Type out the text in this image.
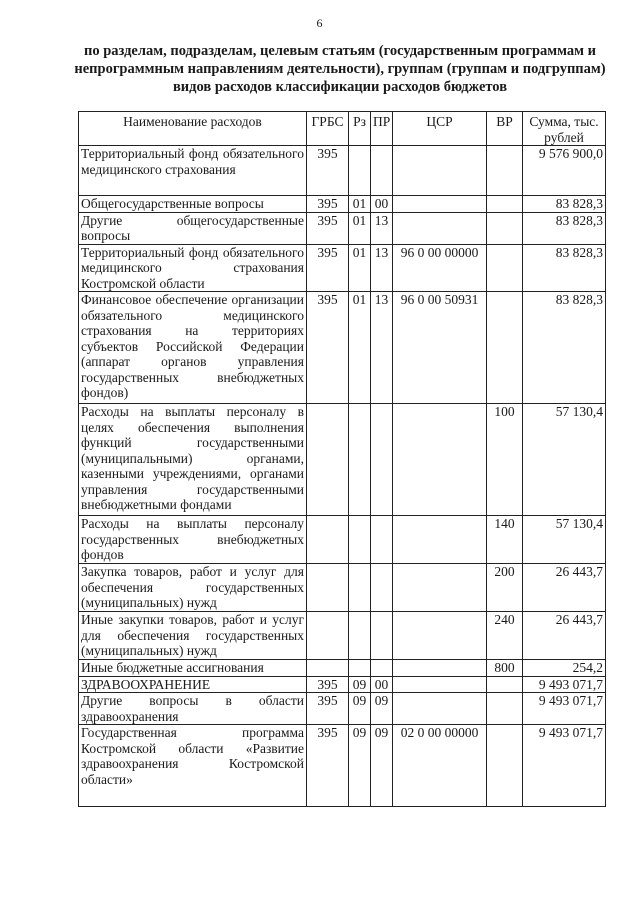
6
по разделам, подразделам, целевым статьям (государственным программам и непрограммным направлениям деятельности), группам (группам и подгруппам) видов расходов классификации расходов бюджетов
Наименование расходов	ГРБС	Рз	ПР	ЦСР	ВР	Сумма, тыс. рублей
Территориальный фонд обязательного медицинского страхования	395					9 576 900,0
Общегосударственные вопросы	395	01	00			83 828,3
Другие общегосударственные вопросы	395	01	13			83 828,3
Территориальный фонд обязательного медицинского страхования Костромской области	395	01	13	96 0 00 00000		83 828,3
Финансовое обеспечение организации обязательного медицинского страхования на территориях субъектов Российской Федерации (аппарат органов управления государственных внебюджетных фондов)	395	01	13	96 0 00 50931		83 828,3
Расходы на выплаты персоналу в целях обеспечения выполнения функций государственными (муниципальными) органами, казенными учреждениями, органами управления государственными внебюджетными фондами					100	57 130,4
Расходы на выплаты персоналу государственных внебюджетных фондов					140	57 130,4
Закупка товаров, работ и услуг для обеспечения государственных (муниципальных) нужд					200	26 443,7
Иные закупки товаров, работ и услуг для обеспечения государственных (муниципальных) нужд					240	26 443,7
Иные бюджетные ассигнования					800	254,2
ЗДРАВООХРАНЕНИЕ	395	09	00			9 493 071,7
Другие вопросы в области здравоохранения	395	09	09			9 493 071,7
Государственная программа Костромской области «Развитие здравоохранения Костромской области»	395	09	09	02 0 00 00000		9 493 071,7
